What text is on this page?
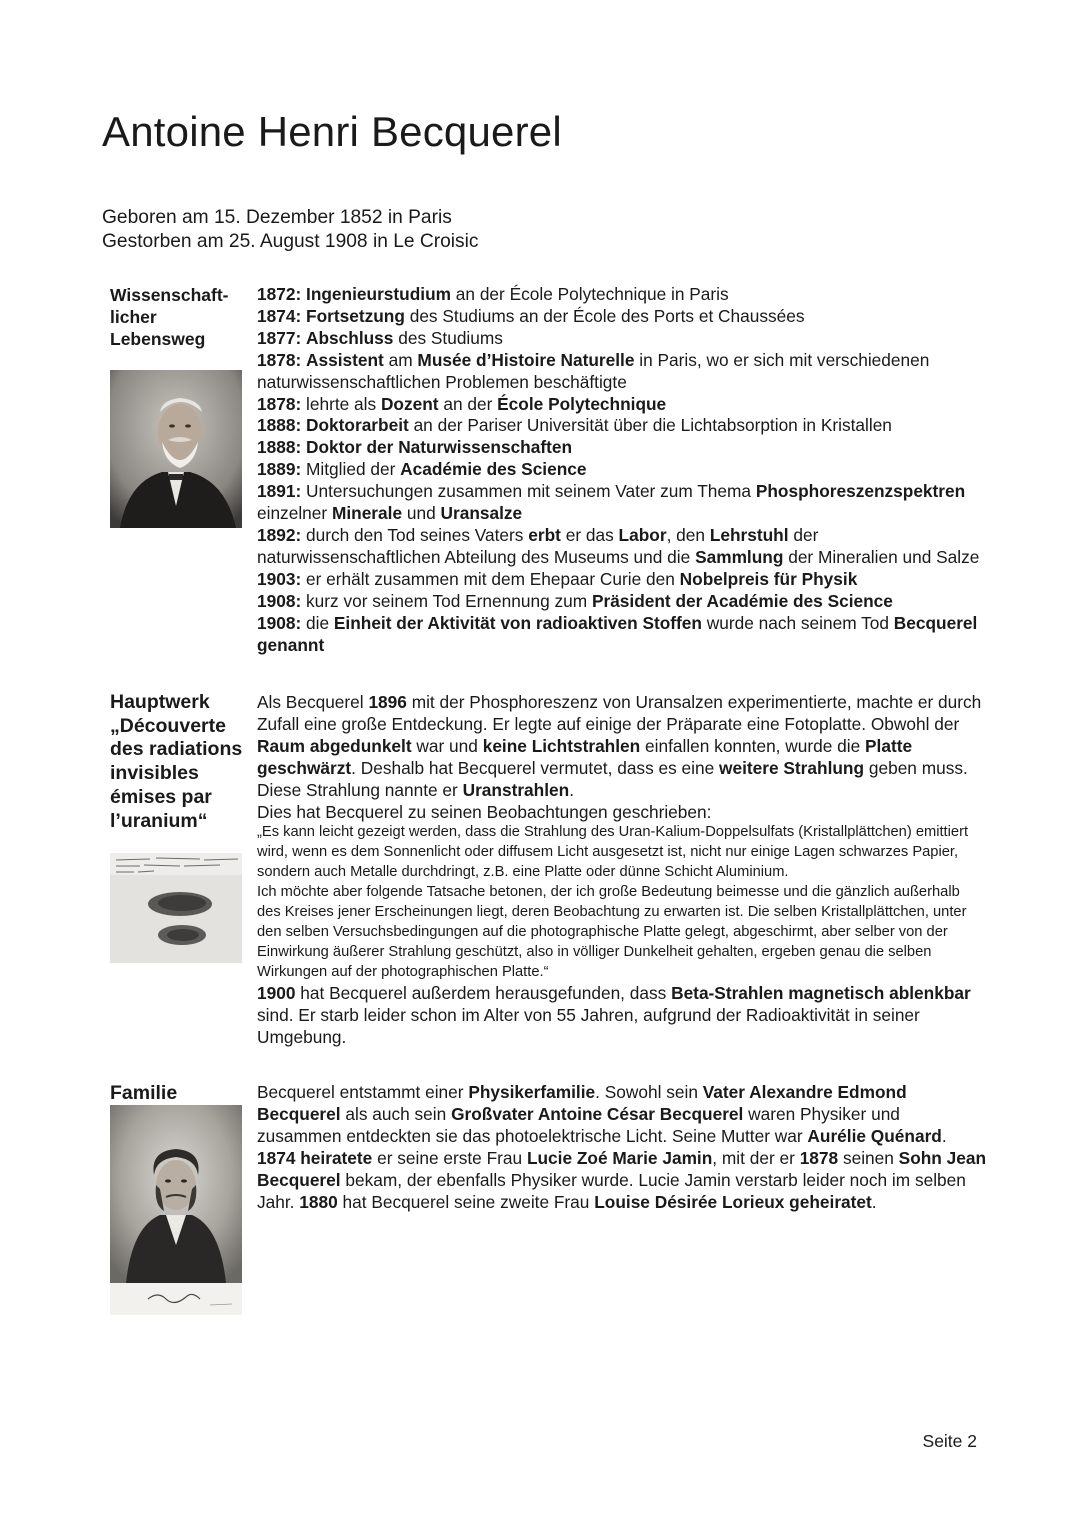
Antoine Henri Becquerel
Geboren am 15. Dezember 1852 in Paris
Gestorben am 25. August 1908 in Le Croisic
Wissenschaft-
licher
Lebensweg

1872: Ingenieurstudium an der École Polytechnique in Paris

1874: Fortsetzung des Studiums an der École des Ports et Chaussées

1877: Abschluss des Studiums

1878: Assistent am Musée d’Histoire Naturelle in Paris, wo er sich mit verschiedenen naturwissenschaftlichen Problemen beschäftigte

1878: lehrte als Dozent an der École Polytechnique

1888: Doktorarbeit an der Pariser Universität über die Lichtabsorption in Kristallen

1888: Doktor der Naturwissenschaften

1889: Mitglied der Académie des Science

1891: Untersuchungen zusammen mit seinem Vater zum Thema Phosphoreszenzspektren einzelner Minerale und Uransalze

1892: durch den Tod seines Vaters erbt er das Labor, den Lehrstuhl der naturwissenschaftlichen Abteilung des Museums und die Sammlung der Mineralien und Salze

1903: er erhält zusammen mit dem Ehepaar Curie den Nobelpreis für Physik

1908: kurz vor seinem Tod Ernennung zum Präsident der Académie des Science

1908: die Einheit der Aktivität von radioaktiven Stoffen wurde nach seinem Tod Becquerel genannt

Hauptwerk
„Découverte
des radiations
invisibles
émises par
l’uranium“

Als Becquerel 1896 mit der Phosphoreszenz von Uransalzen experimentierte, machte er durch Zufall eine große Entdeckung. Er legte auf einige der Präparate eine Fotoplatte. Obwohl der Raum abgedunkelt war und keine Lichtstrahlen einfallen konnten, wurde die Platte geschwärzt. Deshalb hat Becquerel vermutet, dass es eine weitere Strahlung geben muss. Diese Strahlung nannte er Uranstrahlen.

Dies hat Becquerel zu seinen Beobachtungen geschrieben:

„Es kann leicht gezeigt werden, dass die Strahlung des Uran-Kalium-Doppelsulfats (Kristallplättchen) emittiert wird, wenn es dem Sonnenlicht oder diffusem Licht ausgesetzt ist, nicht nur einige Lagen schwarzes Papier, sondern auch Metalle durchdringt, z.B. eine Platte oder dünne Schicht Aluminium.

Ich möchte aber folgende Tatsache betonen, der ich große Bedeutung beimesse und die gänzlich außerhalb des Kreises jener Erscheinungen liegt, deren Beobachtung zu erwarten ist. Die selben Kristallplättchen, unter den selben Versuchsbedingungen auf die photographische Platte gelegt, abgeschirmt, aber selber von der Einwirkung äußerer Strahlung geschützt, also in völliger Dunkelheit gehalten, ergeben genau die selben Wirkungen auf der photographischen Platte.“

1900 hat Becquerel außerdem herausgefunden, dass Beta-Strahlen magnetisch ablenkbar sind. Er starb leider schon im Alter von 55 Jahren, aufgrund der Radioaktivität in seiner Umgebung.

Familie	Becquerel entstammt einer Physikerfamilie. Sowohl sein Vater Alexandre Edmond Becquerel als auch sein Großvater Antoine César Becquerel waren Physiker und zusammen entdeckten sie das photoelektrische Licht. Seine Mutter war Aurélie Quénard. 1874 heiratete er seine erste Frau Lucie Zoé Marie Jamin, mit der er 1878 seinen Sohn Jean Becquerel bekam, der ebenfalls Physiker wurde. Lucie Jamin verstarb leider noch im selben Jahr. 1880 hat Becquerel seine zweite Frau Louise Désirée Lorieux geheiratet.

Seite 2
